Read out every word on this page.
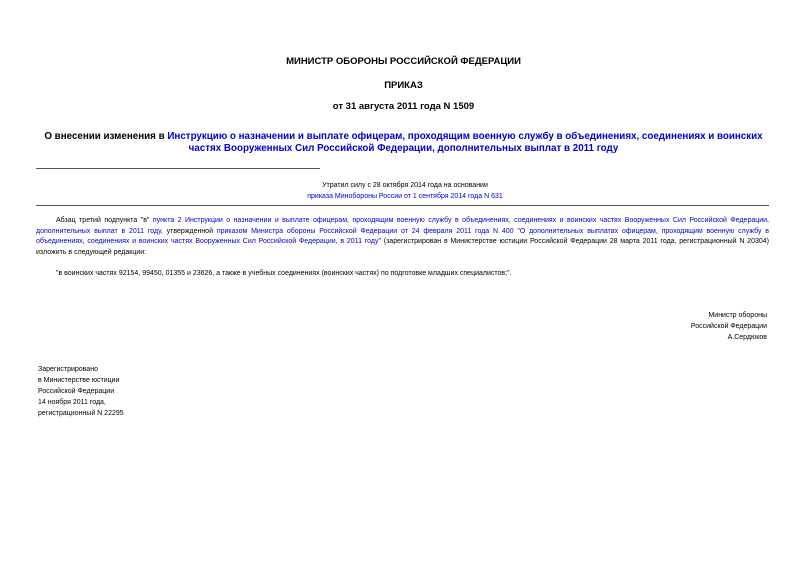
МИНИСТР ОБОРОНЫ РОССИЙСКОЙ ФЕДЕРАЦИИ
ПРИКАЗ
от 31 августа 2011 года N 1509
О внесении изменения в Инструкцию о назначении и выплате офицерам, проходящим военную службу в объединениях, соединениях и воинских частях Вооруженных Сил Российской Федерации, дополнительных выплат в 2011 году
Утратил силу с 28 октября 2014 года на основании
приказа Минобороны России от 1 сентября 2014 года N 631
Абзац третий подпункта "в" пункта 2 Инструкции о назначении и выплате офицерам, проходящим военную службу в объединениях, соединениях и воинских частях Вооруженных Сил Российской Федерации, дополнительных выплат в 2011 году, утвержденной приказом Министра обороны Российской Федерации от 24 февраля 2011 года N 400 "О дополнительных выплатах офицерам, проходящим военную службу в объединениях, соединениях и воинских частях Вооруженных Сил Российской Федерации, в 2011 году" (зарегистрирован в Министерстве юстиции Российской Федерации 28 марта 2011 года, регистрационный N 20304) изложить в следующей редакции:
"в воинских частях 92154, 99450, 01355 и 23626, а также в учебных соединениях (воинских частях) по подготовке младших специалистов;".
Министр обороны
Российской Федерации
А.Сердюков
Зарегистрировано
в Министерстве юстиции
Российской Федерации
14 ноября 2011 года,
регистрационный N 22295
